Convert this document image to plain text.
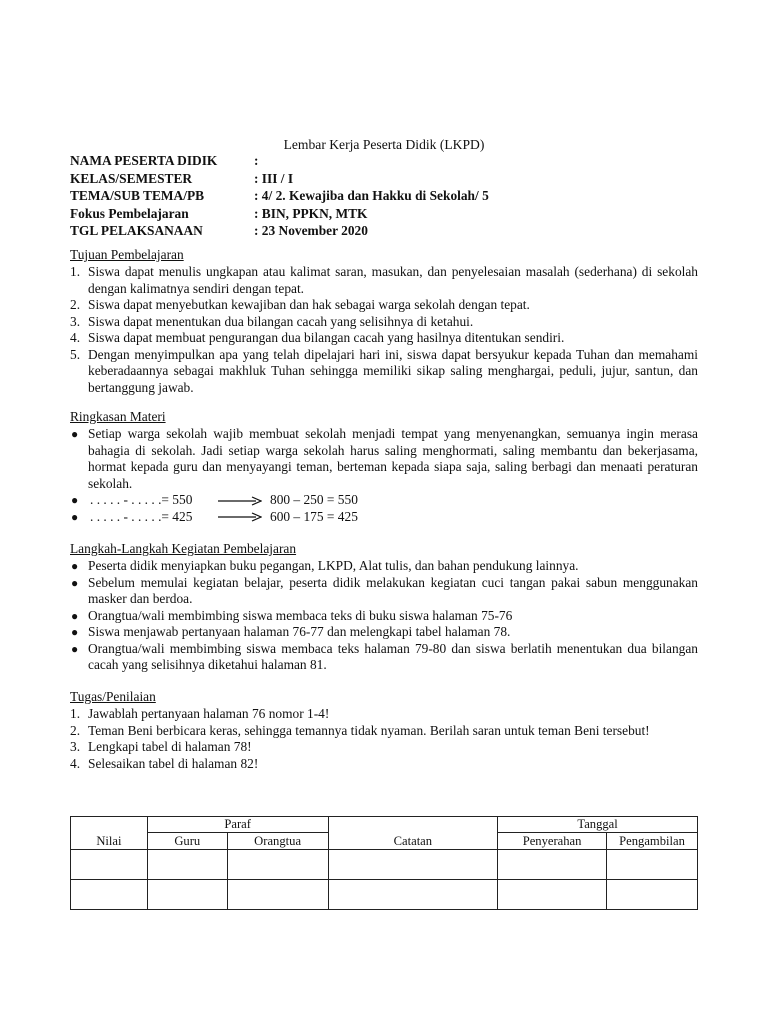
Lembar Kerja Peserta Didik (LKPD)
NAMA PESERTA DIDIK	:
KELAS/SEMESTER	: III / I
TEMA/SUB TEMA/PB	: 4/ 2. Kewajiba dan Hakku di Sekolah/ 5
Fokus Pembelajaran	: BIN, PPKN, MTK
TGL PELAKSANAAN	: 23 November 2020
Tujuan Pembelajaran
1. Siswa dapat menulis ungkapan atau kalimat saran, masukan, dan penyelesaian masalah (sederhana) di sekolah dengan kalimatnya sendiri dengan tepat.
2. Siswa dapat menyebutkan kewajiban dan hak sebagai warga sekolah dengan tepat.
3. Siswa dapat menentukan dua bilangan cacah yang selisihnya di ketahui.
4. Siswa dapat membuat pengurangan dua bilangan cacah yang hasilnya ditentukan sendiri.
5. Dengan menyimpulkan apa yang telah dipelajari hari ini, siswa dapat bersyukur kepada Tuhan dan memahami keberadaannya sebagai makhluk Tuhan sehingga memiliki sikap saling menghargai, peduli, jujur, santun, dan bertanggung jawab.
Ringkasan Materi
● Setiap warga sekolah wajib membuat sekolah menjadi tempat yang menyenangkan, semuanya ingin merasa bahagia di sekolah. Jadi setiap warga sekolah harus saling menghormati, saling membantu dan bekerjasama, hormat kepada guru dan menyayangi teman, berteman kepada siapa saja, saling berbagi dan menaati peraturan sekolah.
● . . . . . - . . . . .= 550	800 – 250 = 550
● . . . . . - . . . . .= 425	600 – 175 = 425
Langkah-Langkah Kegiatan Pembelajaran
● Peserta didik menyiapkan buku pegangan, LKPD, Alat tulis, dan bahan pendukung lainnya.
● Sebelum memulai kegiatan belajar, peserta didik melakukan kegiatan cuci tangan pakai sabun menggunakan masker dan berdoa.
● Orangtua/wali membimbing siswa membaca teks di buku siswa halaman 75-76
● Siswa menjawab pertanyaan halaman 76-77 dan melengkapi tabel halaman 78.
● Orangtua/wali membimbing siswa membaca teks halaman 79-80 dan siswa berlatih menentukan dua bilangan cacah yang selisihnya diketahui halaman 81.
Tugas/Penilaian
1. Jawablah pertanyaan halaman 76 nomor 1-4!
2. Teman Beni berbicara keras, sehingga temannya tidak nyaman. Berilah saran untuk teman Beni tersebut!
3. Lengkapi tabel di halaman 78!
4. Selesaikan tabel di halaman 82!
Nilai	Paraf		Catatan	Tanggal	
	Guru	Orangtua		Penyerahan	Pengambilan
